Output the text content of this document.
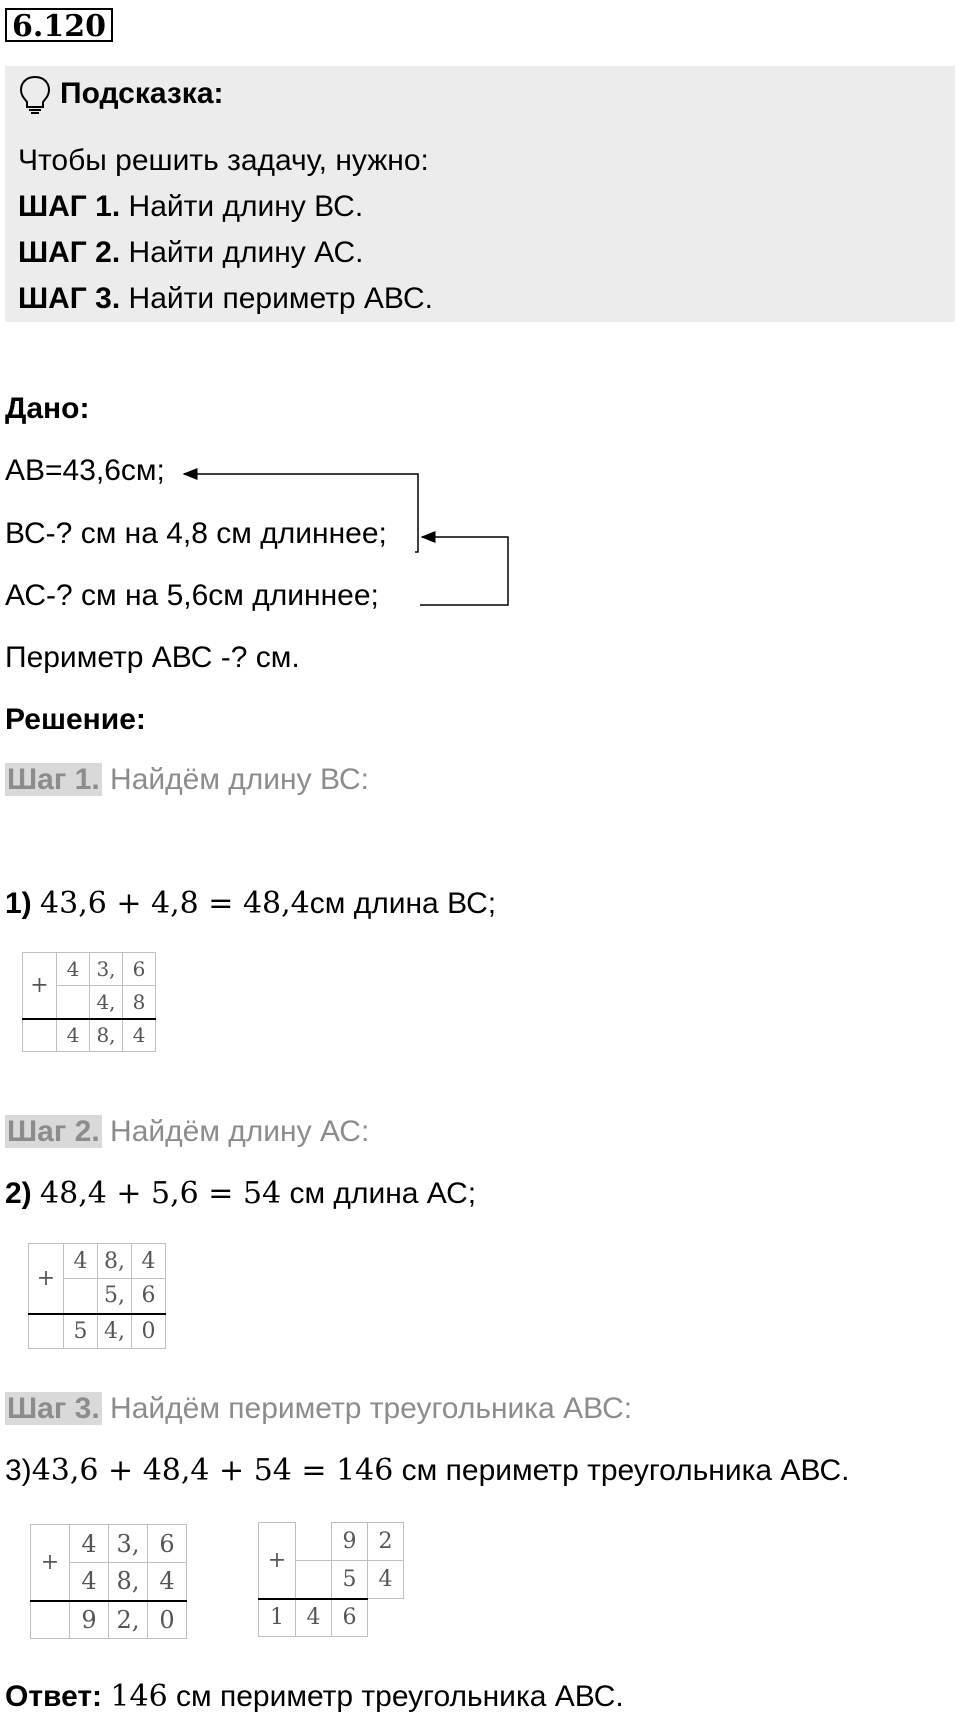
6.120
Подсказка:
Чтобы решить задачу, нужно:
ШАГ 1. Найти длину ВС.
ШАГ 2. Найти длину АС.
ШАГ 3. Найти периметр АВС.
Дано:
АВ=43,6см;
ВС-? см на 4,8 см длиннее;
АС-? см на 5,6см длиннее;
Периметр АВС -? см.
Решение:
Шаг 1. Найдём длину ВС:
1) 43,6 + 4,8 = 48,4см длина ВС;
+	4	3,	6
		4,	8
	4	8,	4
Шаг 2. Найдём длину АС:
2) 48,4 + 5,6 = 54 см длина АС;
+	4	8,	4
		5,	6
	5	4,	0
Шаг 3. Найдём периметр треугольника АВС:
3)43,6 + 48,4 + 54 = 146 см периметр треугольника АВС.
+	4	3,	6
	4	8,	4
	9	2,	0
+		9	2
		5	4
1	4	6	
Ответ: 146 см периметр треугольника АВС.
